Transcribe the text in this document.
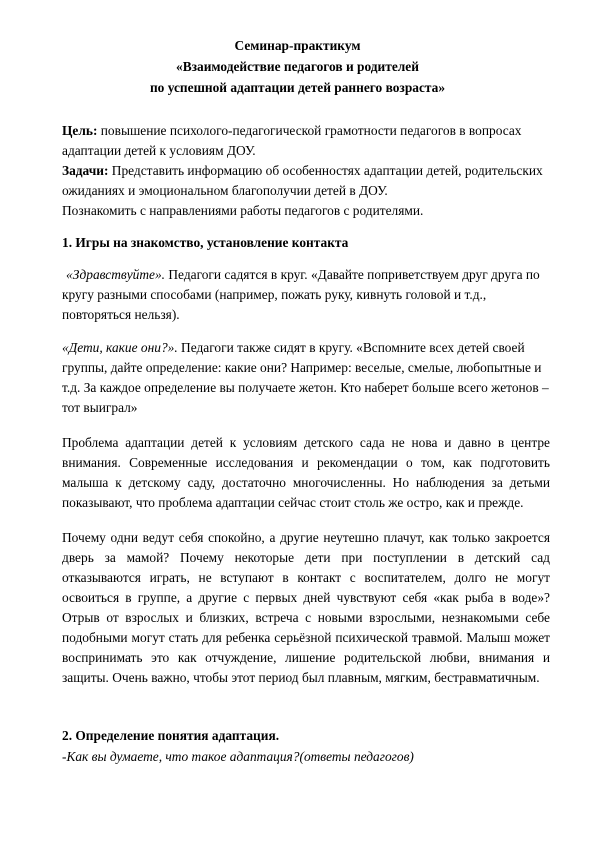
Семинар-практикум
«Взаимодействие педагогов и родителей
по успешной адаптации детей раннего возраста»

Цель: повышение психолого-педагогической грамотности педагогов в вопросах адаптации детей к условиям ДОУ.

Задачи: Представить информацию об особенностях адаптации детей, родительских ожиданиях и эмоциональном благополучии детей в ДОУ.

Познакомить с направлениями работы педагогов с родителями.

1. Игры на знакомство, установление контакта

«Здравствуйте». Педагоги садятся в круг. «Давайте поприветствуем друг друга по кругу разными способами (например, пожать руку, кивнуть головой и т.д., повторяться нельзя).

«Дети, какие они?». Педагоги также сидят в кругу. «Вспомните всех детей своей группы, дайте определение: какие они? Например: веселые, смелые, любопытные и т.д. За каждое определение вы получаете жетон. Кто наберет больше всего жетонов – тот выиграл»

Проблема адаптации детей к условиям детского сада не нова и давно в центре внимания. Современные исследования и рекомендации о том, как подготовить малыша к детскому саду, достаточно многочисленны. Но наблюдения за детьми показывают, что проблема адаптации сейчас стоит столь же остро, как и прежде.

Почему одни ведут себя спокойно, а другие неутешно плачут, как только закроется дверь за мамой? Почему некоторые дети при поступлении в детский сад отказываются играть, не вступают в контакт с воспитателем, долго не могут освоиться в группе, а другие с первых дней чувствуют себя «как рыба в воде»? Отрыв от взрослых и близких, встреча с новыми взрослыми, незнакомыми себе подобными могут стать для ребенка серьёзной психической травмой. Малыш может воспринимать это как отчуждение, лишение родительской любви, внимания и защиты. Очень важно, чтобы этот период был плавным, мягким, бестравматичным.

2. Определение понятия адаптация.
-Как вы думаете, что такое адаптация?(ответы педагогов)
